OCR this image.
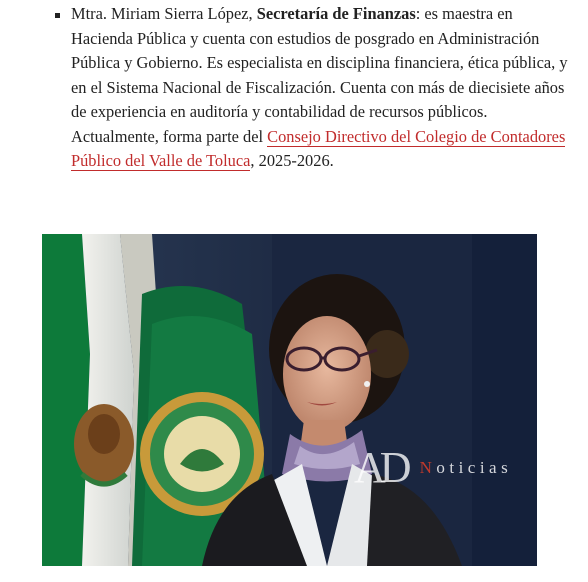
Mtra. Miriam Sierra López, Secretaría de Finanzas: es maestra en Hacienda Pública y cuenta con estudios de posgrado en Administración Pública y Gobierno. Es especialista en disciplina financiera, ética pública, y en el Sistema Nacional de Fiscalización. Cuenta con más de diecisiete años de experiencia en auditoría y contabilidad de recursos públicos. Actualmente, forma parte del Consejo Directivo del Colegio de Contadores Público del Valle de Toluca, 2025-2026.
AD Noticias
